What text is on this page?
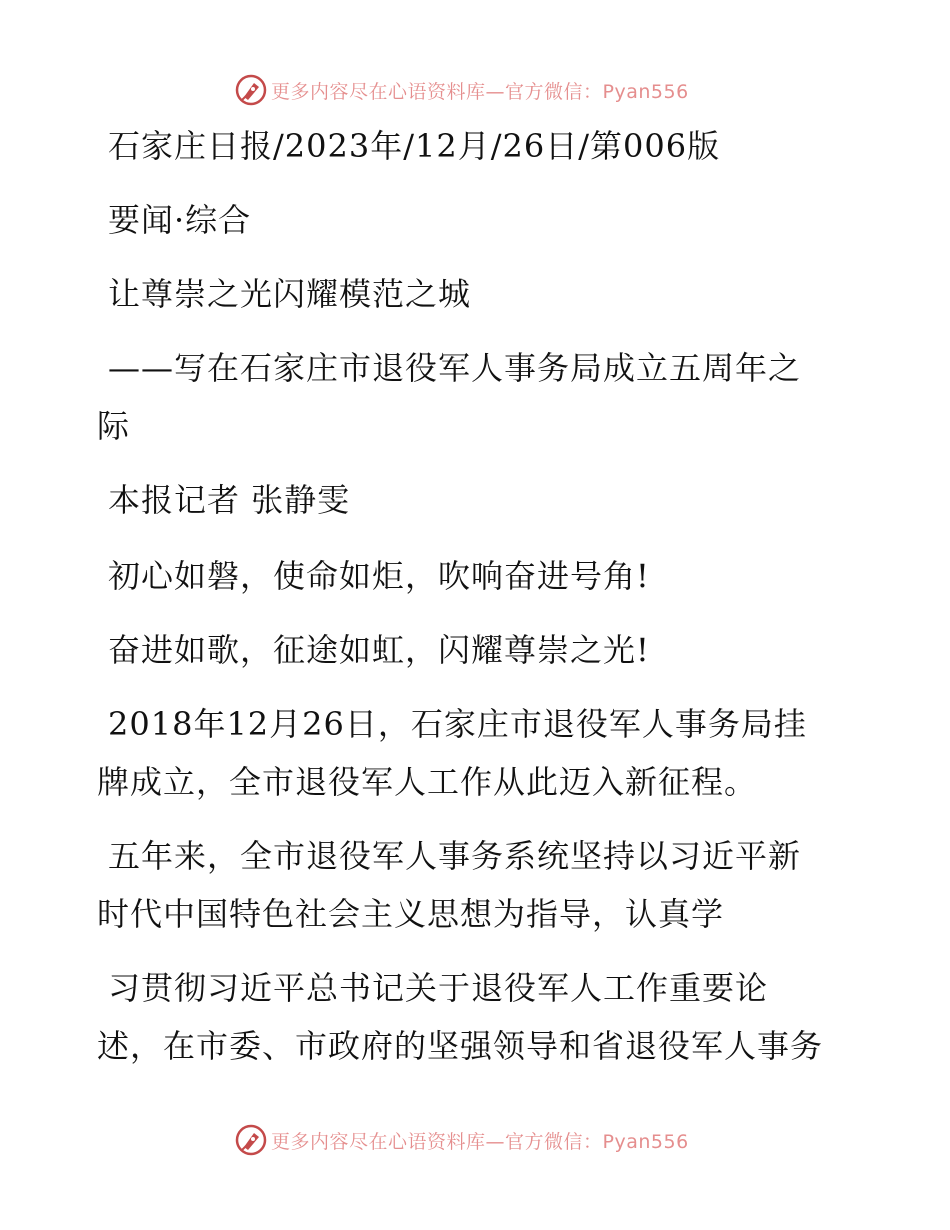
更多内容尽在心语资料库—官方微信：Pyan556

石家庄日报/2023年/12月/26日/第006版

要闻·综合

让尊崇之光闪耀模范之城

——写在石家庄市退役军人事务局成立五周年之

际

本报记者 张静雯

初心如磐，使命如炬，吹响奋进号角!

奋进如歌，征途如虹，闪耀尊崇之光!

2018年12月26日，石家庄市退役军人事务局挂

牌成立，全市退役军人工作从此迈入新征程。

五年来，全市退役军人事务系统坚持以习近平新

时代中国特色社会主义思想为指导，认真学

习贯彻习近平总书记关于退役军人工作重要论

述，在市委、市政府的坚强领导和省退役军人事务

更多内容尽在心语资料库—官方微信：Pyan556
